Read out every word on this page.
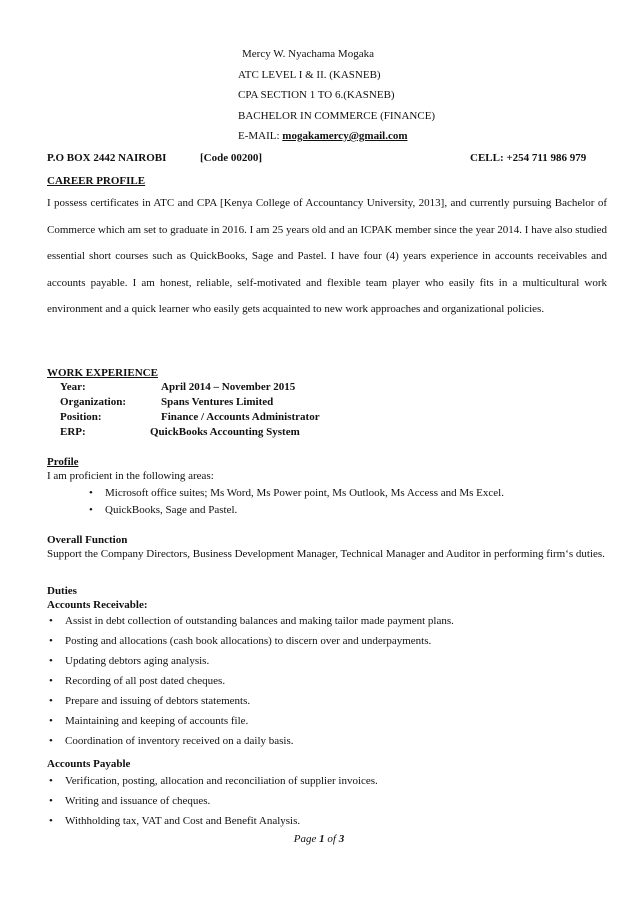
Mercy W. Nyachama Mogaka
ATC LEVEL I & II. (KASNEB)
CPA SECTION 1 TO 6.(KASNEB)
BACHELOR IN COMMERCE (FINANCE)
E-MAIL: mogakamercy@gmail.com
P.O BOX 2442 NAIROBI	[Code 00200]	CELL: +254 711 986 979
CAREER PROFILE
I possess certificates in ATC and CPA [Kenya College of Accountancy University, 2013], and currently pursuing Bachelor of Commerce which am set to graduate in 2016. I am 25 years old and an ICPAK member since the year 2014. I have also studied essential short courses such as QuickBooks, Sage and Pastel. I have four (4) years experience in accounts receivables and accounts payable. I am honest, reliable, self-motivated and flexible team player who easily fits in a multicultural work environment and a quick learner who easily gets acquainted to new work approaches and organizational policies.
WORK EXPERIENCE
Year:	April 2014 – November 2015
Organization:	Spans Ventures Limited
Position:	Finance / Accounts Administrator
ERP:	QuickBooks Accounting System
Profile
I am proficient in the following areas:
• Microsoft office suites; Ms Word, Ms Power point, Ms Outlook, Ms Access and Ms Excel.
• QuickBooks, Sage and Pastel.
Overall Function
Support the Company Directors, Business Development Manager, Technical Manager and Auditor in performing firm‘s duties.
Duties
Accounts Receivable:
• Assist in debt collection of outstanding balances and making tailor made payment plans.
• Posting and allocations (cash book allocations) to discern over and underpayments.
• Updating debtors aging analysis.
• Recording of all post dated cheques.
• Prepare and issuing of debtors statements.
• Maintaining and keeping of accounts file.
• Coordination of inventory received on a daily basis.
Accounts Payable
• Verification, posting, allocation and reconciliation of supplier invoices.
• Writing and issuance of cheques.
• Withholding tax, VAT and Cost and Benefit Analysis.
Page 1 of 3
